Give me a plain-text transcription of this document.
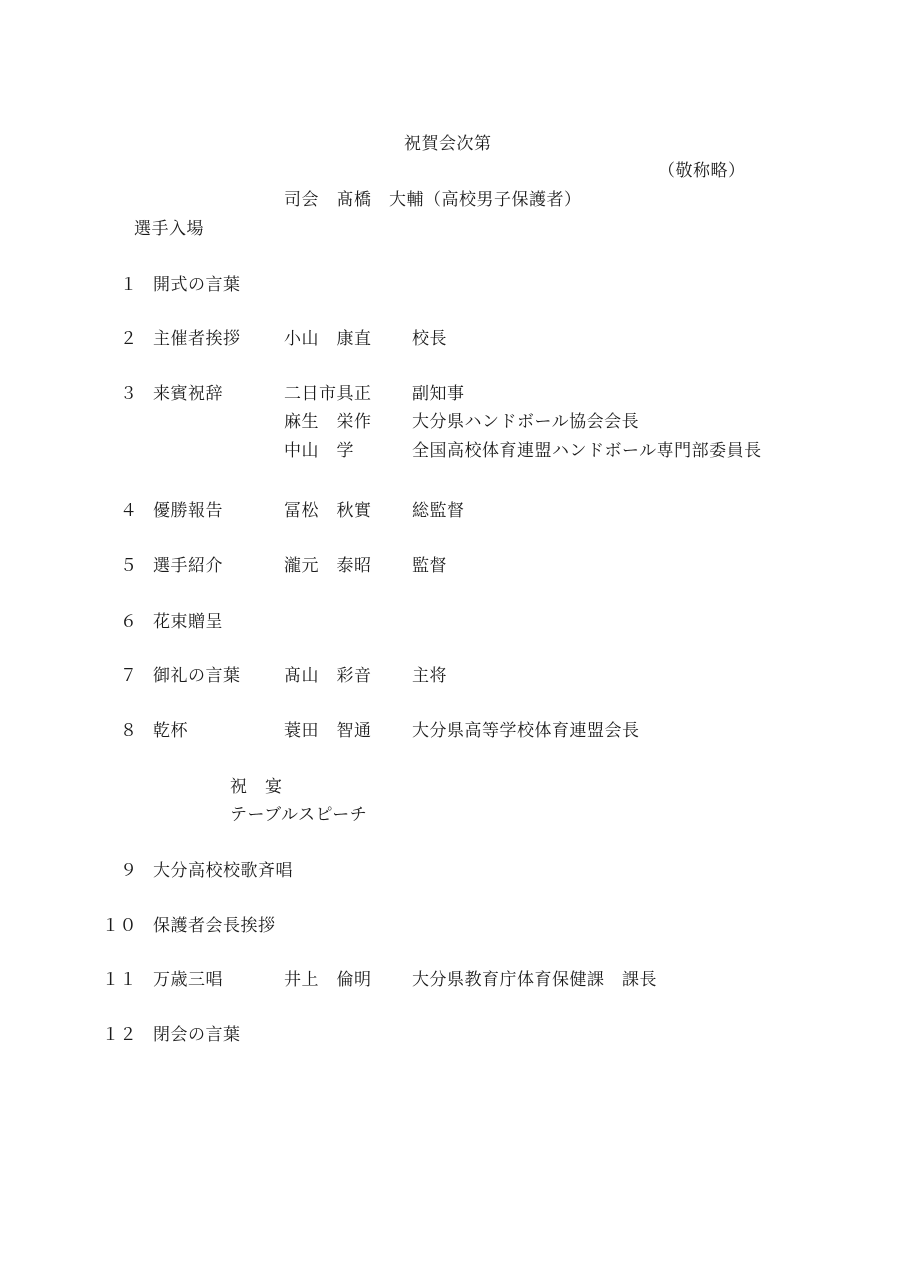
祝賀会次第
（敬称略）
司会　髙橋　大輔（高校男子保護者）
選手入場
１ 開式の言葉
２ 主催者挨拶	小山　康直 校長
３ 来賓祝辞	二日市具正 副知事
麻生　栄作 大分県ハンドボール協会会長
中山　学	全国高校体育連盟ハンドボール専門部委員長
４ 優勝報告	冨松　秋實 総監督
５ 選手紹介	瀧元　泰昭 監督
６ 花束贈呈
７ 御礼の言葉	髙山　彩音 主将
８ 乾杯	蓑田　智通 大分県高等学校体育連盟会長
祝　宴
テーブルスピーチ
９ 大分高校校歌斉唱
１０ 保護者会長挨拶
１１ 万歳三唱	井上　倫明 大分県教育庁体育保健課　課長
１２ 閉会の言葉
